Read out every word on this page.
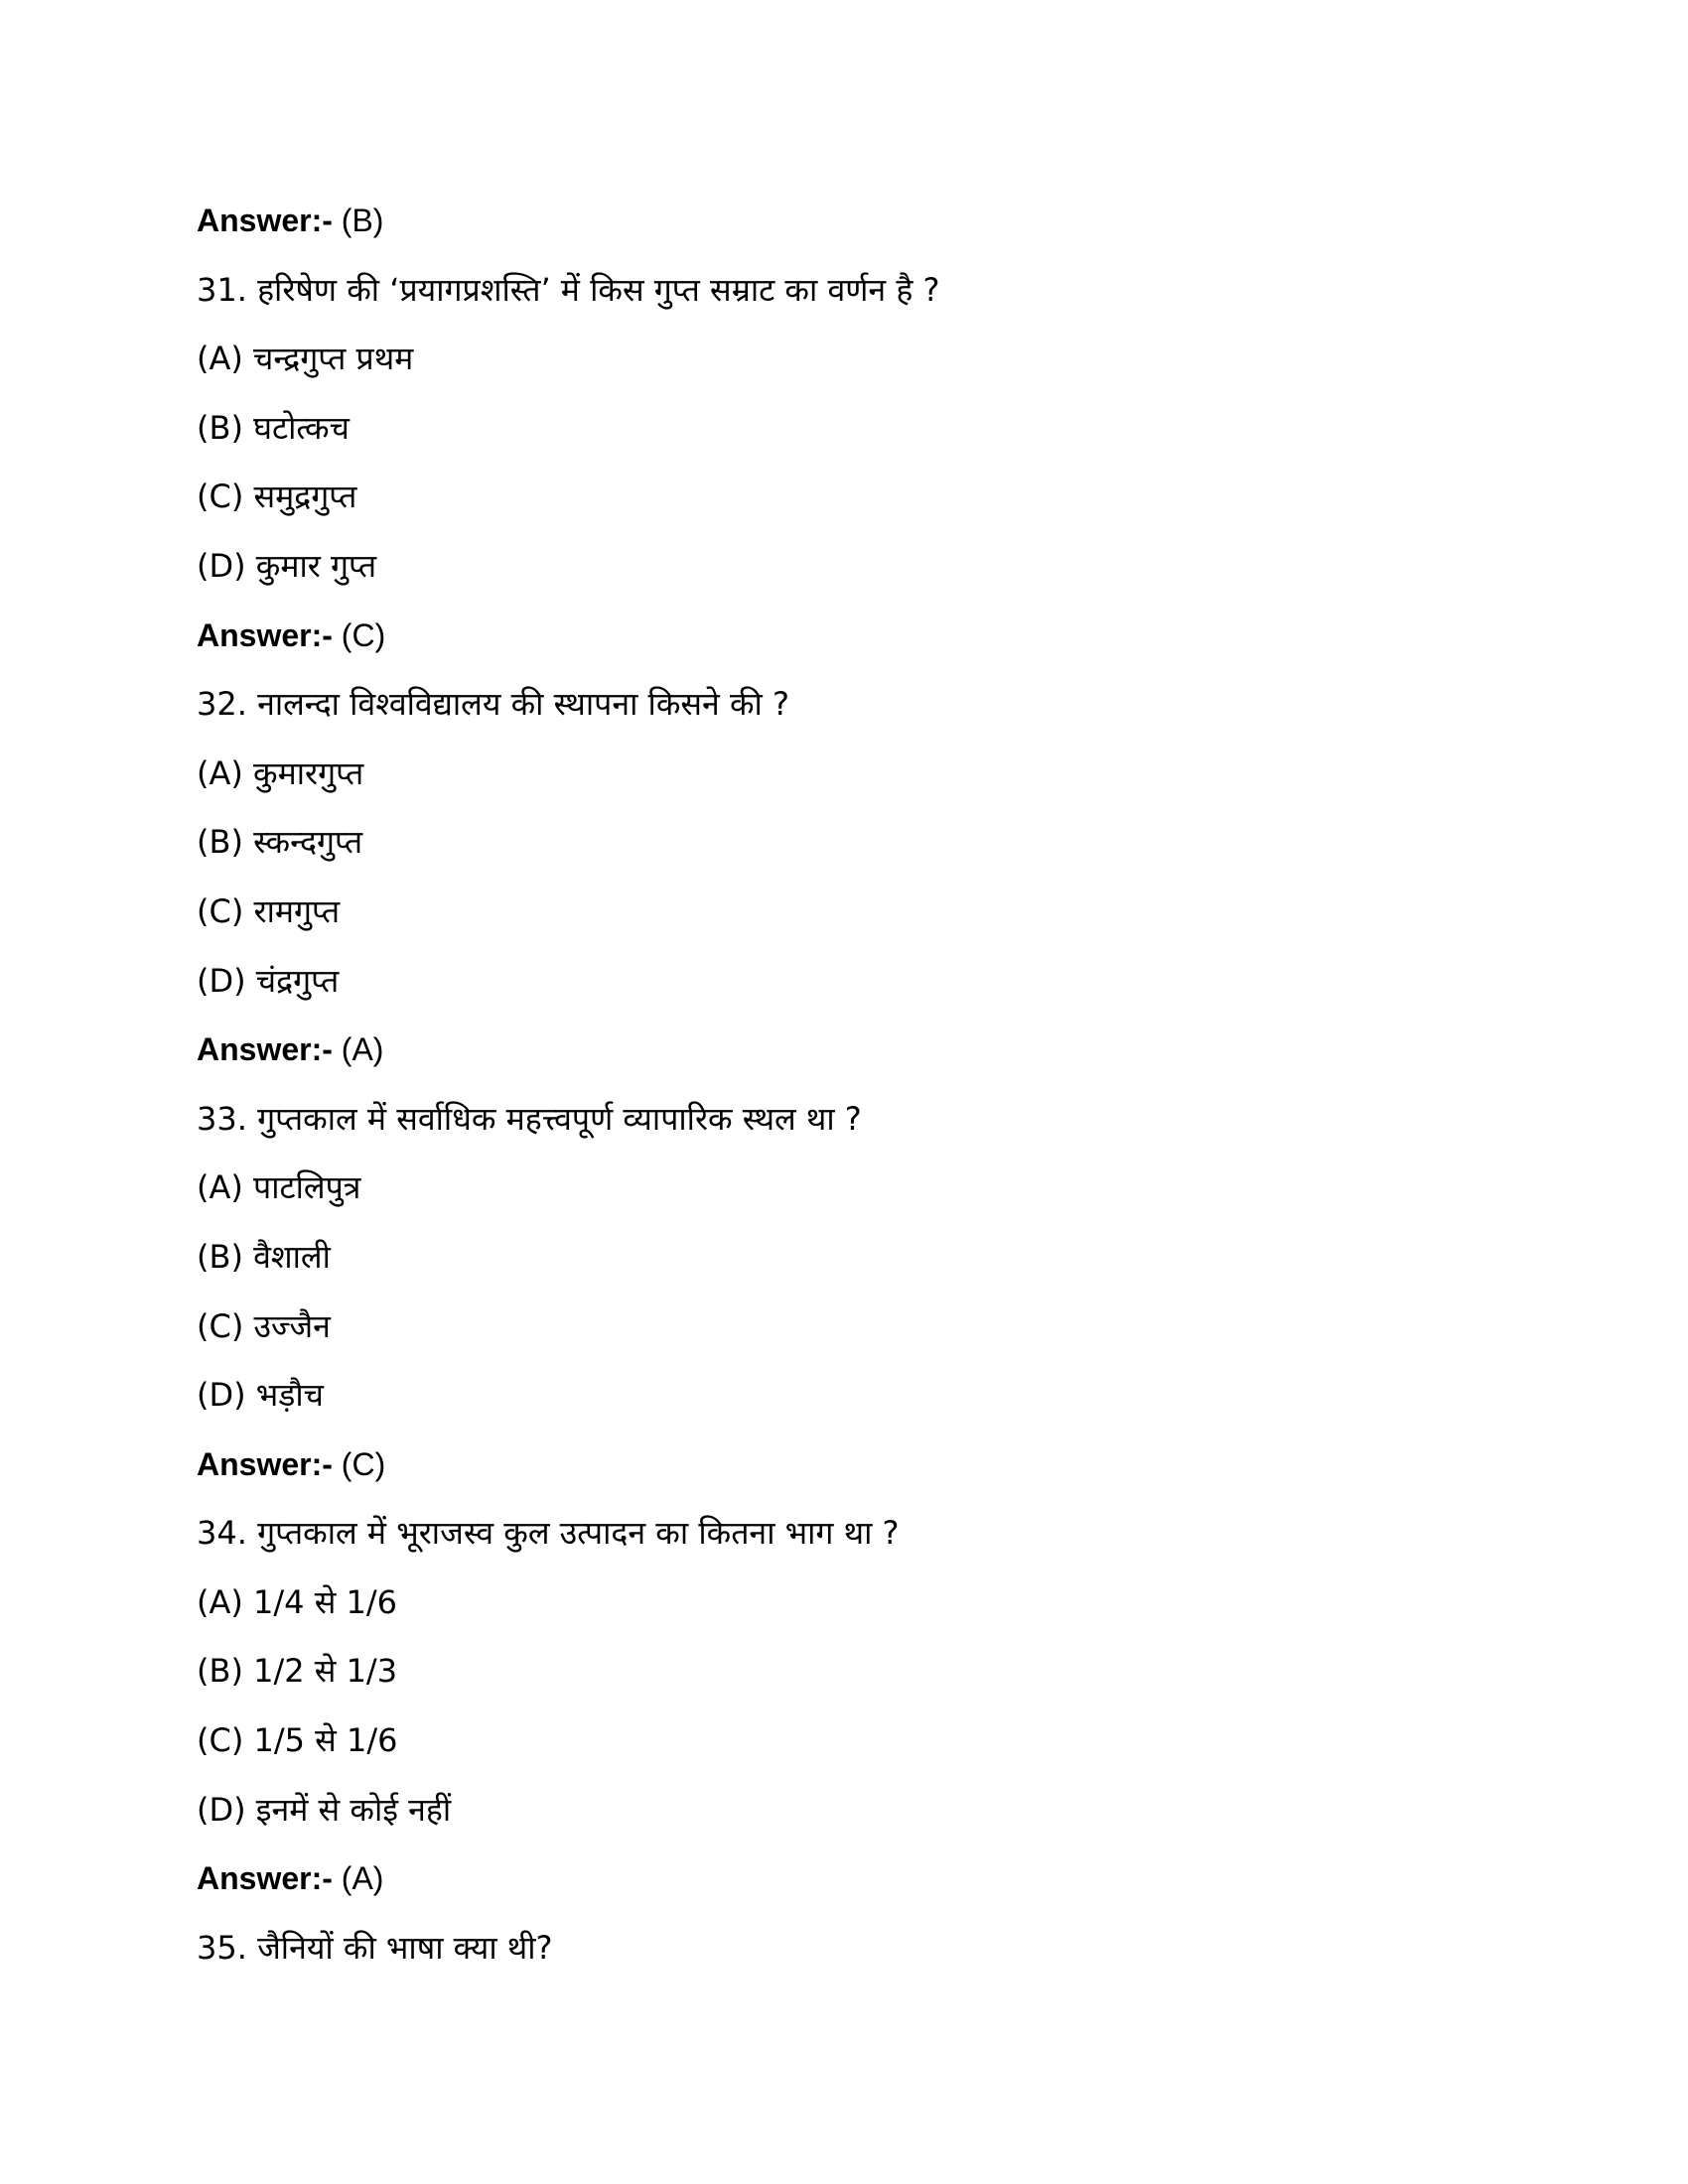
Answer:- (B)
31. हरिषेण की ‘प्रयागप्रशस्ति’ में किस गुप्त सम्राट का वर्णन है ?
(A) चन्द्रगुप्त प्रथम
(B) घटोत्कच
(C) समुद्रगुप्त
(D) कुमार गुप्त
Answer:- (C)
32. नालन्दा विश्वविद्यालय की स्थापना किसने की ?
(A) कुमारगुप्त
(B) स्कन्दगुप्त
(C) रामगुप्त
(D) चंद्रगुप्त
Answer:- (A)
33. गुप्तकाल में सर्वाधिक महत्त्वपूर्ण व्यापारिक स्थल था ?
(A) पाटलिपुत्र
(B) वैशाली
(C) उज्जैन
(D) भड़ौच
Answer:- (C)
34. गुप्तकाल में भूराजस्व कुल उत्पादन का कितना भाग था ?
(A) 1/4 से 1/6
(B) 1/2 से 1/3
(C) 1/5 से 1/6
(D) इनमें से कोई नहीं
Answer:- (A)
35. जैनियों की भाषा क्या थी?
